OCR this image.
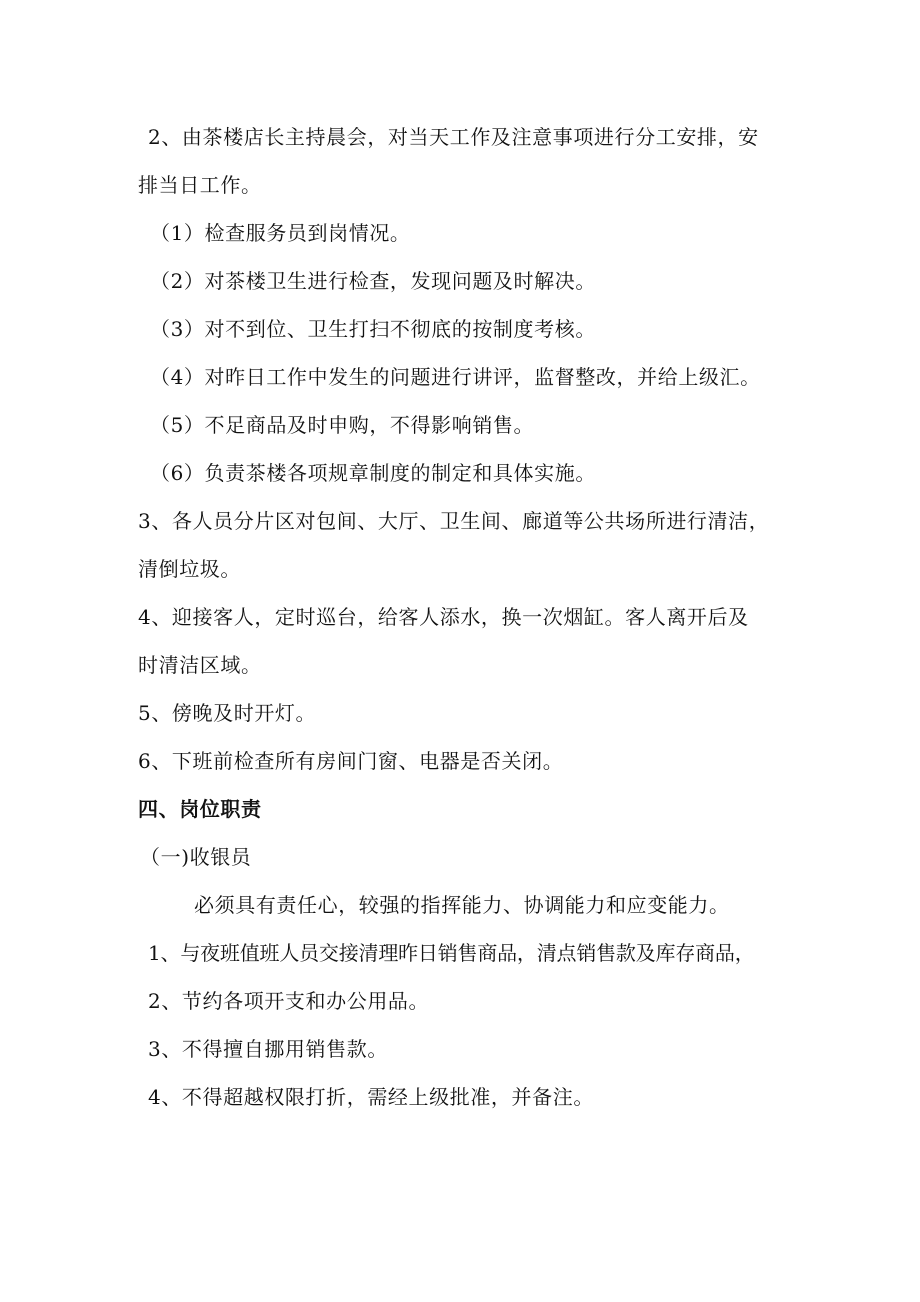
2、由茶楼店长主持晨会，对当天工作及注意事项进行分工安排，安
排当日工作。
（1）检查服务员到岗情况。
（2）对茶楼卫生进行检查，发现问题及时解决。
（3）对不到位、卫生打扫不彻底的按制度考核。
（4）对昨日工作中发生的问题进行讲评，监督整改，并给上级汇。
（5）不足商品及时申购，不得影响销售。
（6）负责茶楼各项规章制度的制定和具体实施。
3、各人员分片区对包间、大厅、卫生间、廊道等公共场所进行清洁，
清倒垃圾。
4、迎接客人，定时巡台，给客人添水，换一次烟缸。客人离开后及
时清洁区域。
5、傍晚及时开灯。
6、下班前检查所有房间门窗、电器是否关闭。
四、岗位职责
（一)收银员
必须具有责任心，较强的指挥能力、协调能力和应变能力。
1、与夜班值班人员交接清理昨日销售商品，清点销售款及库存商品，
2、节约各项开支和办公用品。
3、不得擅自挪用销售款。
4、不得超越权限打折，需经上级批准，并备注。
